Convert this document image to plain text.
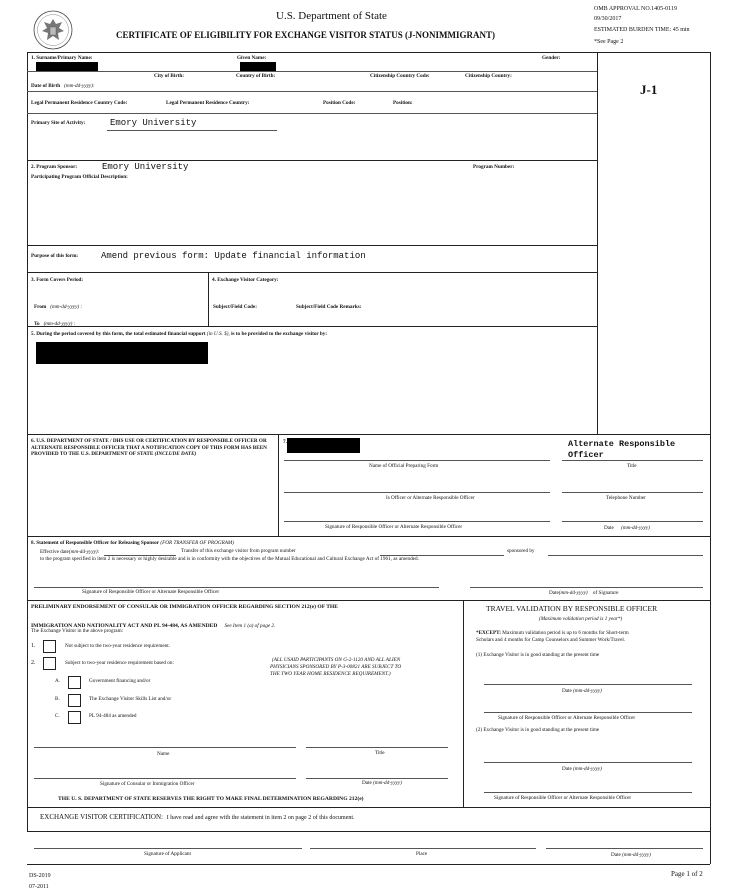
U.S. Department of State
CERTIFICATE OF ELIGIBILITY FOR EXCHANGE VISITOR STATUS (J-NONIMMIGRANT)
OMB APPROVAL NO.1405-0119
09/30/2017
ESTIMATED BURDEN TIME: 45 min
*See Page 2
1. Surname/Primary Name:	Given Name:	Gender:
Date of Birth (mm-dd-yyyy):
City of Birth:	Country of Birth:	Citizenship Country Code:	Citizenship Country:
Legal Permanent Residence Country Code:	Legal Permanent Residence Country:	Position Code:	Position:
Primary Site of Activity:	Emory University
J-1
2. Program Sponsor:	Emory University	Program Number:
Participating Program Official Description:
Purpose of this form:	Amend previous form: Update financial information
3. Form Covers Period:
From (mm-dd-yyyy) :
To (mm-dd-yyyy) :
4. Exchange Visitor Category:
Subject/Field Code:	Subject/Field Code Remarks:
5. During the period covered by this form, the total estimated financial support (in U.S. $), is to be provided to the exchange visitor by:
6. U.S. DEPARTMENT OF STATE / DHS USE OR CERTIFICATION BY RESPONSIBLE OFFICER OR ALTERNATE RESPONSIBLE OFFICER THAT A NOTIFICATION COPY OF THIS FORM HAS BEEN PROVIDED TO THE U.S. DEPARTMENT OF STATE (INCLUDE DATE)
7.	Alternate Responsible Officer
Name of Official Preparing Form	Title
Is Officer or Alternate Responsible Officer	Telephone Number
Signature of Responsible Officer or Alternate Responsible Officer	Date (mm-dd-yyyy)
8. Statement of Responsible Officer for Releasing Sponsor (FOR TRANSFER OF PROGRAM)
Effective date(mm-dd-yyyy):	Transfer of this exchange visitor from program number	sponsored by
to the program specified in item 2 is necessary or highly desirable and is in conformity with the objectives of the Mutual Educational and Cultural Exchange Act of 1961, as amended.
Signature of Responsible Officer or Alternate Responsible Officer	Date(mm-dd-yyyy) of Signature
PRELIMINARY ENDORSEMENT OF CONSULAR OR IMMIGRATION OFFICER REGARDING SECTION 212(e) OF THE
IMMIGRATION AND NATIONALITY ACT AND PL 94-484, AS AMENDED See Item 1 (a) of page 2.
The Exchange Visitor in the above program:
1.	Not subject to the two-year residence requirement.
2.	Subject to two-year residence requirement based on:
A.	Government financing and/or
B.	The Exchange Visitor Skills List and/or
C.	PL 94-484 as amended
(ALL USAID PARTICIPANTS ON G-2-1120 AND ALL ALIEN
PHYSICIANS SPONSORED BY P-3-00821 ARE SUBJECT TO
THE TWO YEAR HOME RESIDENCE REQUIREMENT.)
Name	Title
Signature of Consular or Immigration Officer	Date (mm-dd-yyyy)
THE U. S. DEPARTMENT OF STATE RESERVES THE RIGHT TO MAKE FINAL DETERMINATION REGARDING 212(e)
TRAVEL VALIDATION BY RESPONSIBLE OFFICER
(Maximum validation period is 1 year*)
*EXCEPT: Maximum validation period is up to 6 months for Short-term
Scholars and 4 months for Camp Counselors and Summer Work/Travel.
(1) Exchange Visitor is in good standing at the present time
Date (mm-dd-yyyy)
Signature of Responsible Officer or Alternate Responsible Officer
(2) Exchange Visitor is in good standing at the present time
Date (mm-dd-yyyy)
Signature of Responsible Officer or Alternate Responsible Officer
EXCHANGE VISITOR CERTIFICATION: I have read and agree with the statement in item 2 on page 2 of this document.
Signature of Applicant	Place	Date (mm-dd-yyyy)
DS-2019
07-2011
Page 1 of 2
